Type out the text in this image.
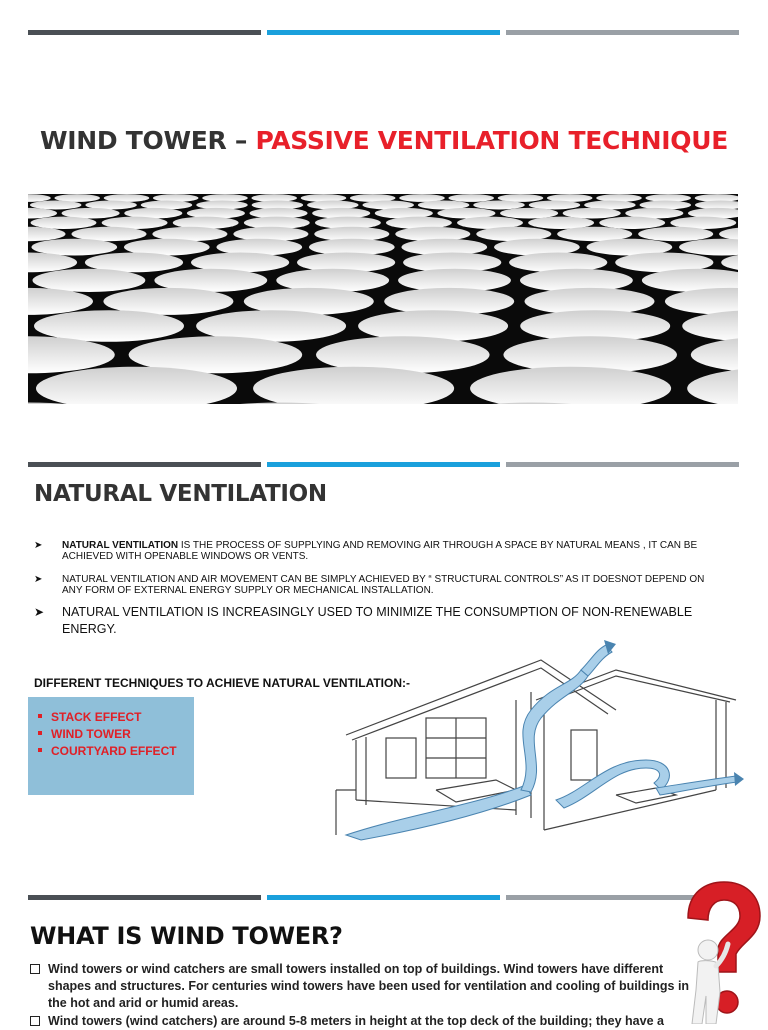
WIND TOWER – PASSIVE VENTILATION TECHNIQUE
NATURAL VENTILATION
➤ NATURAL VENTILATION IS THE PROCESS OF SUPPLYING AND REMOVING AIR THROUGH A SPACE BY NATURAL MEANS , IT CAN BE ACHIEVED WITH OPENABLE WINDOWS OR VENTS.
➤ NATURAL VENTILATION AND AIR MOVEMENT CAN BE SIMPLY ACHIEVED BY “ STRUCTURAL CONTROLS” AS IT DOESNOT DEPEND ON ANY FORM OF EXTERNAL ENERGY SUPPLY OR MECHANICAL INSTALLATION.
➤ NATURAL VENTILATION IS INCREASINGLY USED TO MINIMIZE THE CONSUMPTION OF NON-RENEWABLE ENERGY.
DIFFERENT TECHNIQUES TO ACHIEVE NATURAL VENTILATION:-
STACK EFFECT
WIND TOWER
COURTYARD EFFECT
WHAT IS WIND TOWER?
Wind towers or wind catchers are small towers installed on top of buildings. Wind towers have different shapes and structures. For centuries wind towers have been used for ventilation and cooling of buildings in the hot and arid or humid areas.
Wind towers (wind catchers) are around 5-8 meters in height at the top deck of the building; they have a
